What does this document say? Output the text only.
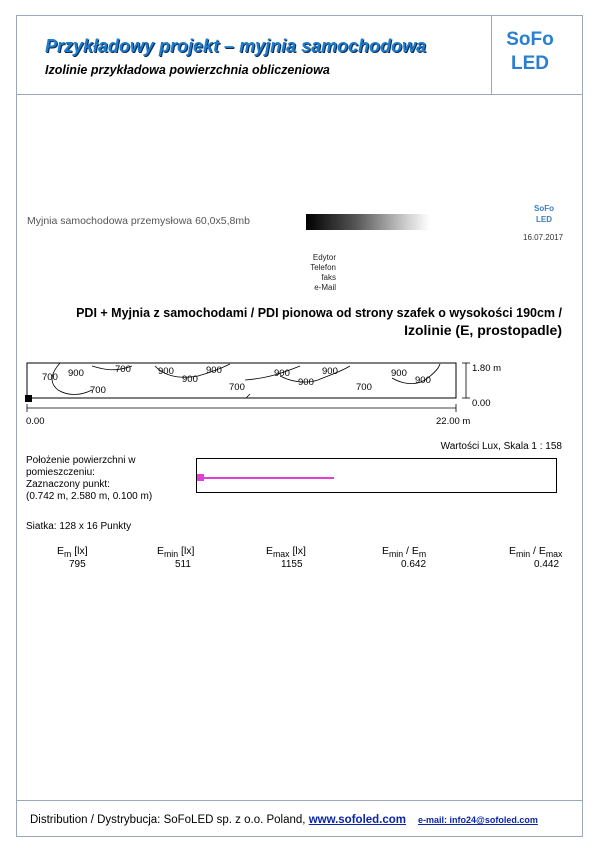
Przykładowy projekt – myjnia samochodowa
Izolinie przykładowa powierzchnia obliczeniowa
SoFo
LED
Myjnia samochodowa przemysłowa 60,0x5,8mb
SoFo
LED
16.07.2017
Edytor
Telefon
faks
e-Mail
PDI + Myjnia z samochodami / PDI pionowa od strony szafek o wysokości 190cm /
Izolinie (E, prostopadle)
700 900
700
700	900
900
900	900
700	900
900	900
700
900
1.80 m
0.00
0.00	22.00 m
Wartości Lux, Skala 1 : 158
Położenie powierzchni w
pomieszczeniu:
Zaznaczony punkt:
(0.742 m, 2.580 m, 0.100 m)
Siatka: 128 x 16 Punkty
$E_m$ [lx]	$E_{min}$ [lx]	$E_{max}$ [lx]	$E_{min} / E_m$	$E_{min} / E_{max}$
795	511	1155	0.642	0.442
Distribution / Dystrybucja: SoFoLED sp. z o.o. Poland, www.sofoled.com e-mail: info24@sofoled.com
